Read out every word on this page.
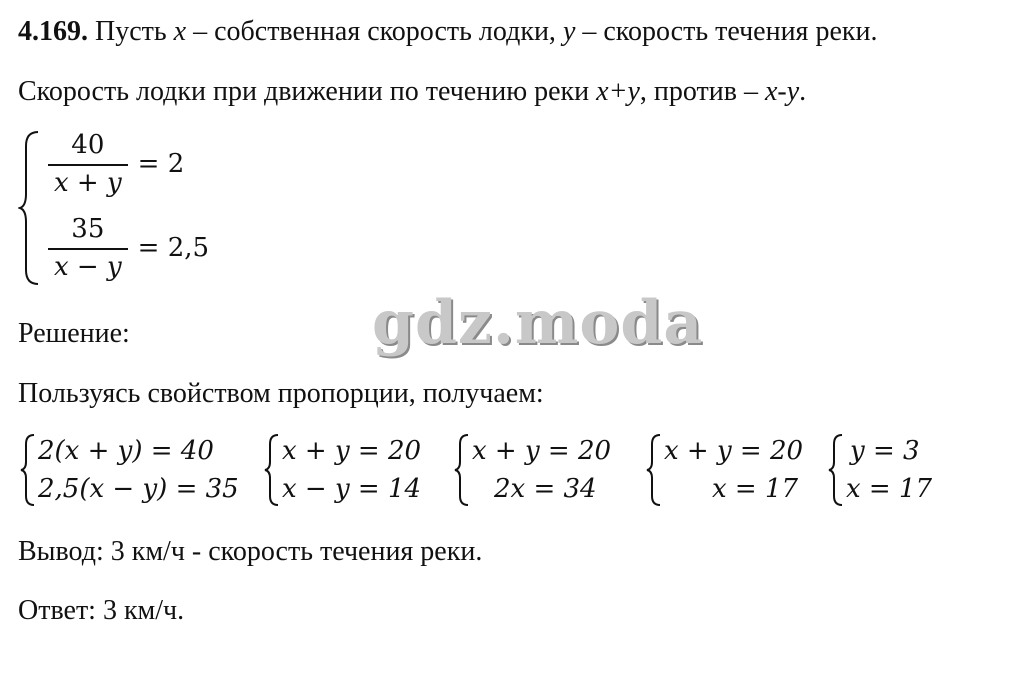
4.169. Пусть x – собственная скорость лодки, y – скорость течения реки.
Скорость лодки при движении по течению реки x+y, против – x-y.
$\frac{40}{x + y} = 2$
$\frac{35}{x - y} = 2,5$
Решение:	gdz.moda
Пользуясь свойством пропорции, получаем:
2(x + y) = 40
2,5(x − y) = 35
x + y = 20
x − y = 14
x + y = 20
2x = 34
x + y = 20
x = 17
y = 3
x = 17
Вывод: 3 км/ч - скорость течения реки.
Ответ: 3 км/ч.
